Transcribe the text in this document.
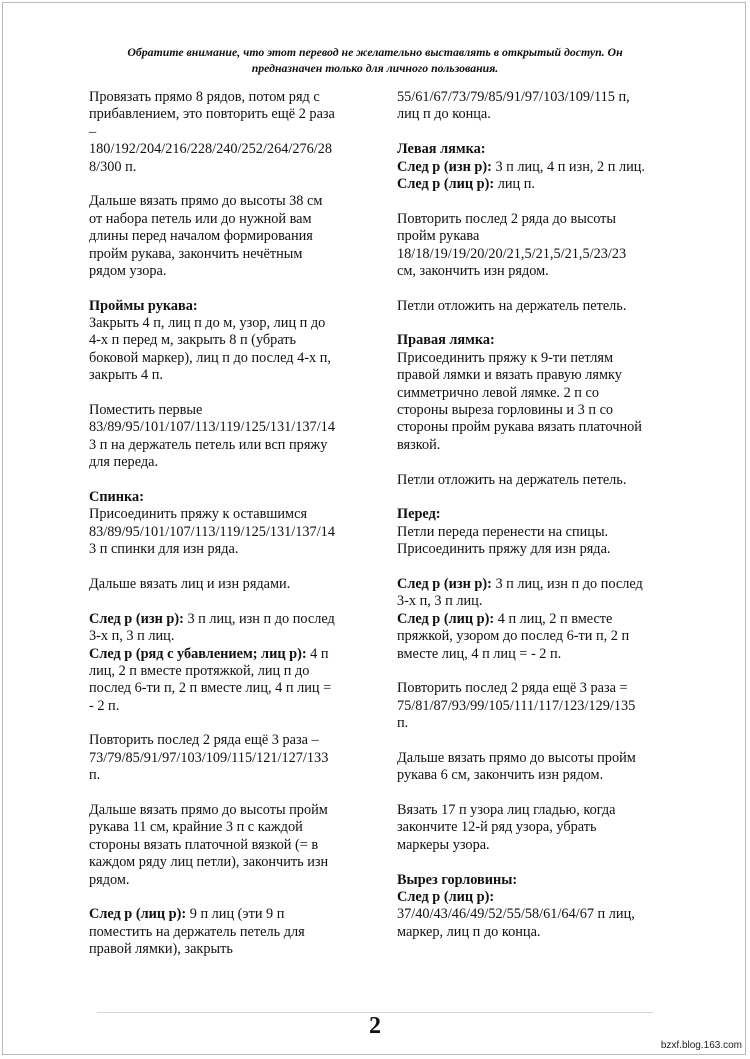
Обратите внимание, что этот перевод не желательно выставлять в открытый доступ. Он
предназначен только для личного пользования.
Провязать прямо 8 рядов, потом ряд с
прибавлением, это повторить ещё 2 раза
–
180/192/204/216/228/240/252/264/276/28
8/300 п.
Дальше вязать прямо до высоты 38 см
от набора петель или до нужной вам
длины перед началом формирования
пройм рукава, закончить нечётным
рядом узора.
Проймы рукава:
Закрыть 4 п, лиц п до м, узор, лиц п до
4-х п перед м, закрыть 8 п (убрать
боковой маркер), лиц п до послед 4-х п,
закрыть 4 п.
Поместить первые
83/89/95/101/107/113/119/125/131/137/14
3 п на держатель петель или всп пряжу
для переда.
Спинка:
Присоединить пряжу к оставшимся
83/89/95/101/107/113/119/125/131/137/14
3 п спинки для изн ряда.
Дальше вязать лиц и изн рядами.
След р (изн р): 3 п лиц, изн п до послед
3-х п, 3 п лиц.
След р (ряд с убавлением; лиц р): 4 п
лиц, 2 п вместе протяжкой, лиц п до
послед 6-ти п, 2 п вместе лиц, 4 п лиц =
- 2 п.
Повторить послед 2 ряда ещё 3 раза –
73/79/85/91/97/103/109/115/121/127/133
п.
Дальше вязать прямо до высоты пройм
рукава 11 см, крайние 3 п с каждой
стороны вязать платочной вязкой (= в
каждом ряду лиц петли), закончить изн
рядом.
След р (лиц р): 9 п лиц (эти 9 п
поместить на держатель петель для
правой лямки), закрыть
55/61/67/73/79/85/91/97/103/109/115 п,
лиц п до конца.
Левая лямка:
След р (изн р): 3 п лиц, 4 п изн, 2 п лиц.
След р (лиц р): лиц п.
Повторить послед 2 ряда до высоты
пройм рукава
18/18/19/19/20/20/21,5/21,5/21,5/23/23
см, закончить изн рядом.
Петли отложить на держатель петель.
Правая лямка:
Присоединить пряжу к 9-ти петлям
правой лямки и вязать правую лямку
симметрично левой лямке. 2 п со
стороны выреза горловины и 3 п со
стороны пройм рукава вязать платочной
вязкой.
Петли отложить на держатель петель.
Перед:
Петли переда перенести на спицы.
Присоединить пряжу для изн ряда.
След р (изн р): 3 п лиц, изн п до послед
3-х п, 3 п лиц.
След р (лиц р): 4 п лиц, 2 п вместе
пряжкой, узором до послед 6-ти п, 2 п
вместе лиц, 4 п лиц = - 2 п.
Повторить послед 2 ряда ещё 3 раза =
75/81/87/93/99/105/111/117/123/129/135
п.
Дальше вязать прямо до высоты пройм
рукава 6 см, закончить изн рядом.
Вязать 17 п узора лиц гладью, когда
закончите 12-й ряд узора, убрать
маркеры узора.
Вырез горловины:
След р (лиц р):
37/40/43/46/49/52/55/58/61/64/67 п лиц,
маркер, лиц п до конца.
2
bzxf.blog.163.com
